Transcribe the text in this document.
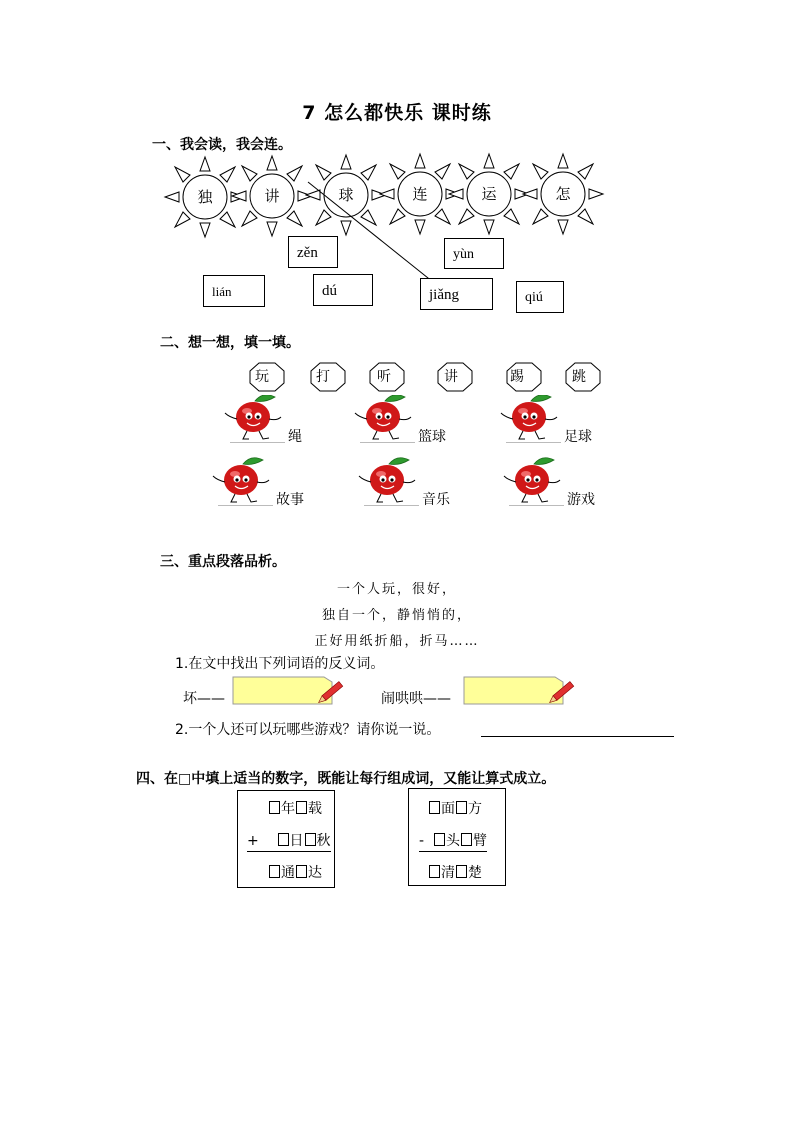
7 怎么都快乐 课时练
一、我会读，我会连。
独	讲	球	连	运	怎
zěn	yùn
lián	dú	jiǎng	qiú
二、想一想，填一填。
玩	打	听	讲	踢	跳
绳	篮球	足球
故事	音乐	游戏
三、重点段落品析。
一个人玩，很好，
独自一个，静悄悄的，
正好用纸折船，折马……
1.在文中找出下列词语的反义词。
坏——	闹哄哄——
2.一个人还可以玩哪些游戏？请你说一说。
四、在□中填上适当的数字，既能让每行组成词，又能让算式成立。
年 载
+ 日 秋
通 达
面 方
- 头 臂
清 楚
